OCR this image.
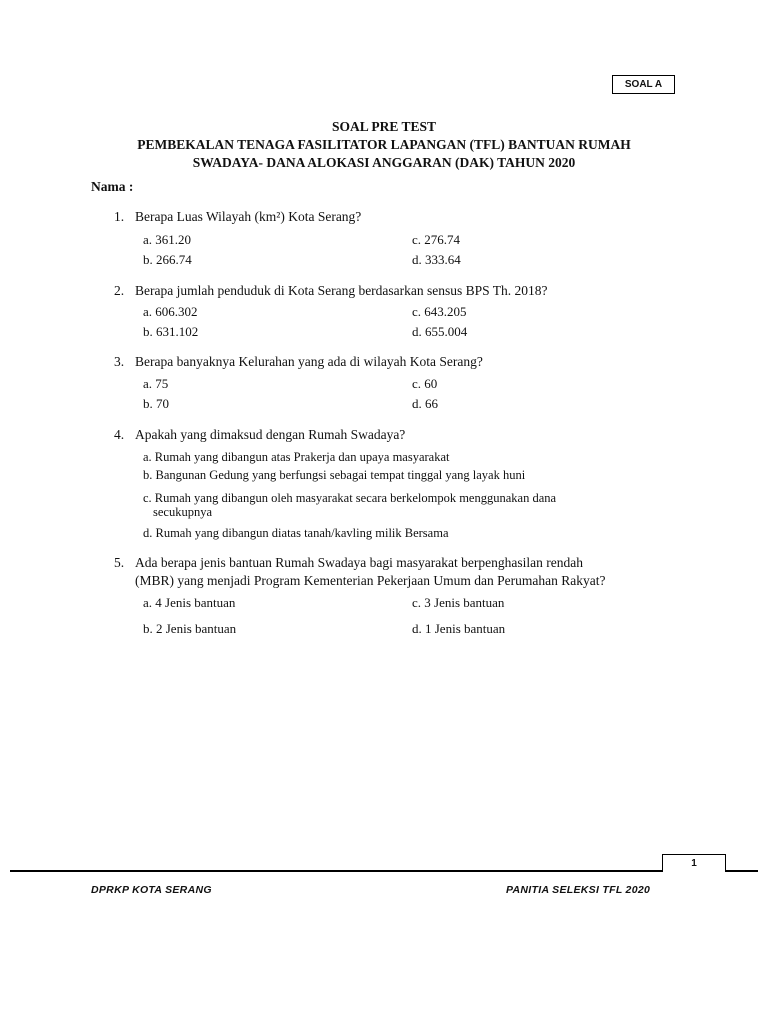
SOAL A
SOAL PRE TEST
PEMBEKALAN TENAGA FASILITATOR LAPANGAN (TFL) BANTUAN RUMAH
SWADAYA- DANA ALOKASI ANGGARAN (DAK) TAHUN 2020
Nama :
1. Berapa Luas Wilayah (km²) Kota Serang?
a. 361.20	c. 276.74
b. 266.74	d. 333.64
2. Berapa jumlah penduduk di Kota Serang berdasarkan sensus BPS Th. 2018?
a. 606.302	c. 643.205
b. 631.102	d. 655.004
3. Berapa banyaknya Kelurahan yang ada di wilayah Kota Serang?
a. 75	c. 60
b. 70	d. 66
4. Apakah yang dimaksud dengan Rumah Swadaya?
a. Rumah yang dibangun atas Prakerja dan upaya masyarakat
b. Bangunan Gedung yang berfungsi sebagai tempat tinggal yang layak huni
c. Rumah yang dibangun oleh masyarakat secara berkelompok menggunakan dana
secukupnya
d. Rumah yang dibangun diatas tanah/kavling milik Bersama
5. Ada berapa jenis bantuan Rumah Swadaya bagi masyarakat berpenghasilan rendah
(MBR) yang menjadi Program Kementerian Pekerjaan Umum dan Perumahan Rakyat?
a. 4 Jenis bantuan	c. 3 Jenis bantuan
b. 2 Jenis bantuan	d. 1 Jenis bantuan
1
DPRKP KOTA SERANG	PANITIA SELEKSI TFL 2020
